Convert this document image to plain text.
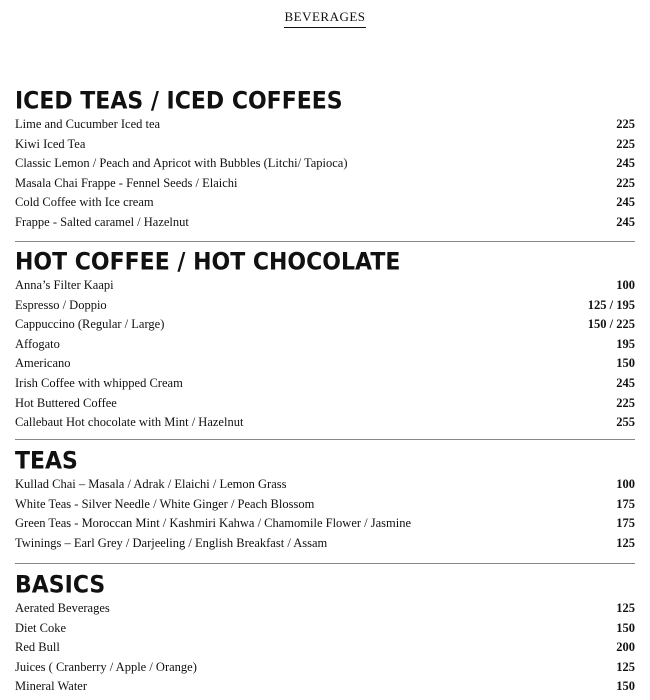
BEVERAGES
ICED TEAS / ICED COFFEES
Lime and Cucumber Iced tea	225
Kiwi Iced Tea	225
Classic Lemon / Peach and Apricot with Bubbles (Litchi/ Tapioca)	245
Masala Chai Frappe - Fennel Seeds / Elaichi	225
Cold Coffee with Ice cream	245
Frappe - Salted caramel / Hazelnut	245
HOT COFFEE / HOT CHOCOLATE
Anna’s Filter Kaapi	100
Espresso / Doppio	125 / 195
Cappuccino (Regular / Large)	150 / 225
Affogato	195
Americano	150
Irish Coffee with whipped Cream	245
Hot Buttered Coffee	225
Callebaut Hot chocolate with Mint / Hazelnut	255
TEAS
Kullad Chai – Masala / Adrak / Elaichi / Lemon Grass	100
White Teas - Silver Needle / White Ginger / Peach Blossom	175
Green Teas - Moroccan Mint / Kashmiri Kahwa / Chamomile Flower / Jasmine	175
Twinings – Earl Grey / Darjeeling / English Breakfast / Assam	125
BASICS
Aerated Beverages	125
Diet Coke	150
Red Bull	200
Juices ( Cranberry / Apple / Orange)	125
Mineral Water	150
